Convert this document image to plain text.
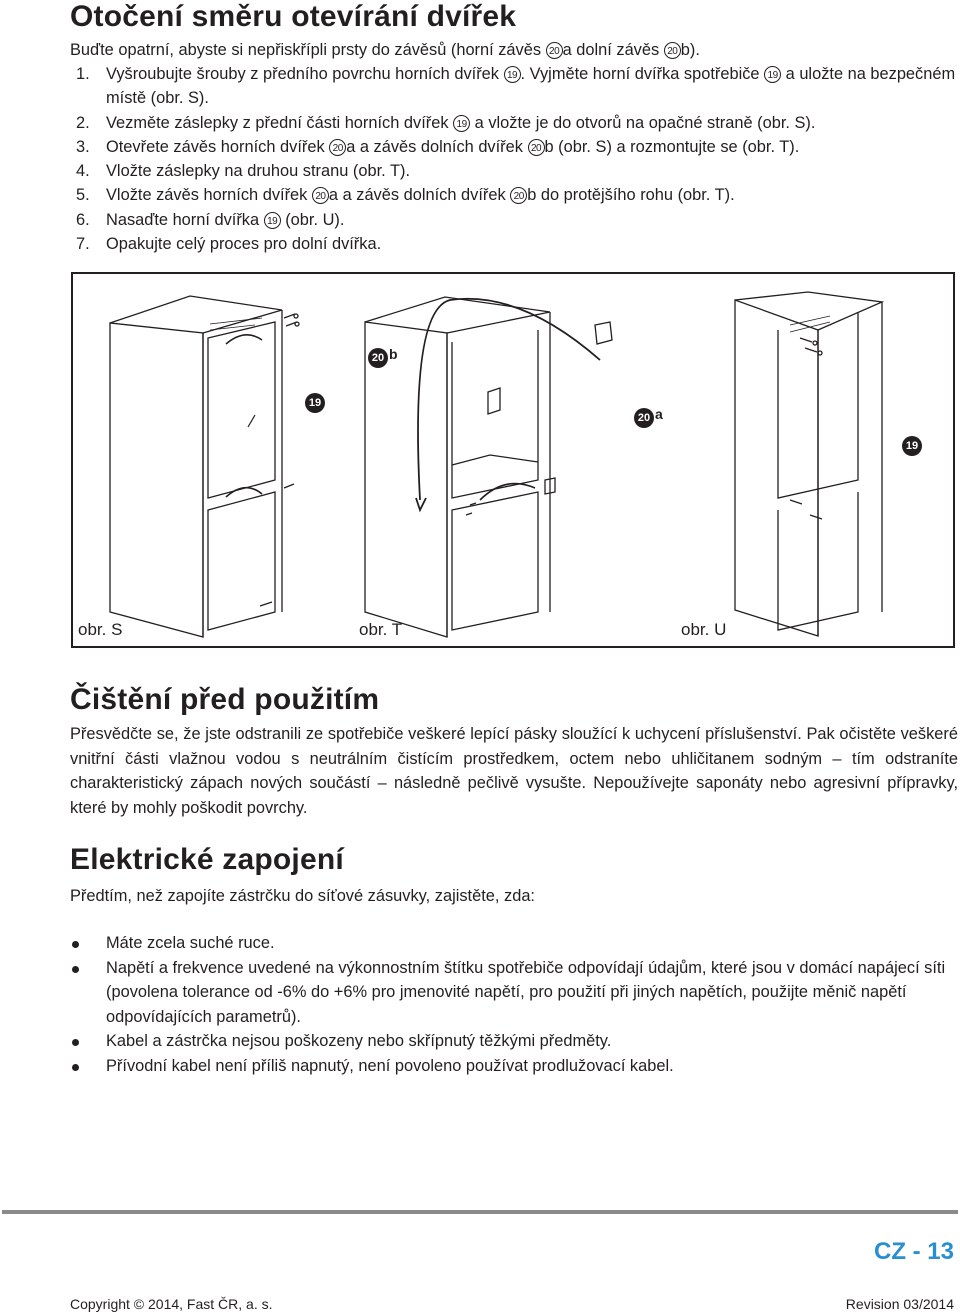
Otočení směru otevírání dvířek

Buďte opatrní, abyste si nepřiskřípli prsty do závěsů (horní závěs 20 a dolní závěs 20 b).

1. Vyšroubujte šrouby z předního povrchu horních dvířek 19 . Vyjměte horní dvířka spotřebiče 19 a uložte na bezpečném místě (obr. S).
2. Vezměte záslepky z přední části horních dvířek 19 a vložte je do otvorů na opačné straně (obr. S).
3. Otevřete závěs horních dvířek 20 a a závěs dolních dvířek 20 b (obr. S) a rozmontujte se (obr. T).
4. Vložte záslepky na druhou stranu (obr. T).
5. Vložte závěs horních dvířek 20 a a závěs dolních dvířek 20 b do protějšího rohu (obr. T).
6. Nasaďte horní dvířka 19 (obr. U).
7. Opakujte celý proces pro dolní dvířka.
19
20 b
20 a
19
obr. S	obr. T	obr. U
Čištění před použitím

Přesvědčte se, že jste odstranili ze spotřebiče veškeré lepící pásky sloužící k uchycení příslušenství. Pak očistěte veškeré vnitřní části vlažnou vodou s neutrálním čistícím prostředkem, octem nebo uhličitanem sodným – tím odstraníte charakteristický zápach nových součástí – následně pečlivě vysušte. Nepoužívejte saponáty nebo agresivní přípravky, které by mohly poškodit povrchy.

Elektrické zapojení

Předtím, než zapojíte zástrčku do síťové zásuvky, zajistěte, zda:

Máte zcela suché ruce.
Napětí a frekvence uvedené na výkonnostním štítku spotřebiče odpovídají údajům, které jsou v domácí napájecí síti (povolena tolerance od -6% do +6% pro jmenovité napětí, pro použití při jiných napětích, použijte měnič napětí odpovídajících parametrů).
Kabel a zástrčka nejsou poškozeny nebo skřípnutý těžkými předměty.
Přívodní kabel není příliš napnutý, není povoleno používat prodlužovací kabel.
CZ - 13
Copyright © 2014, Fast ČR, a. s.	Revision 03/2014
